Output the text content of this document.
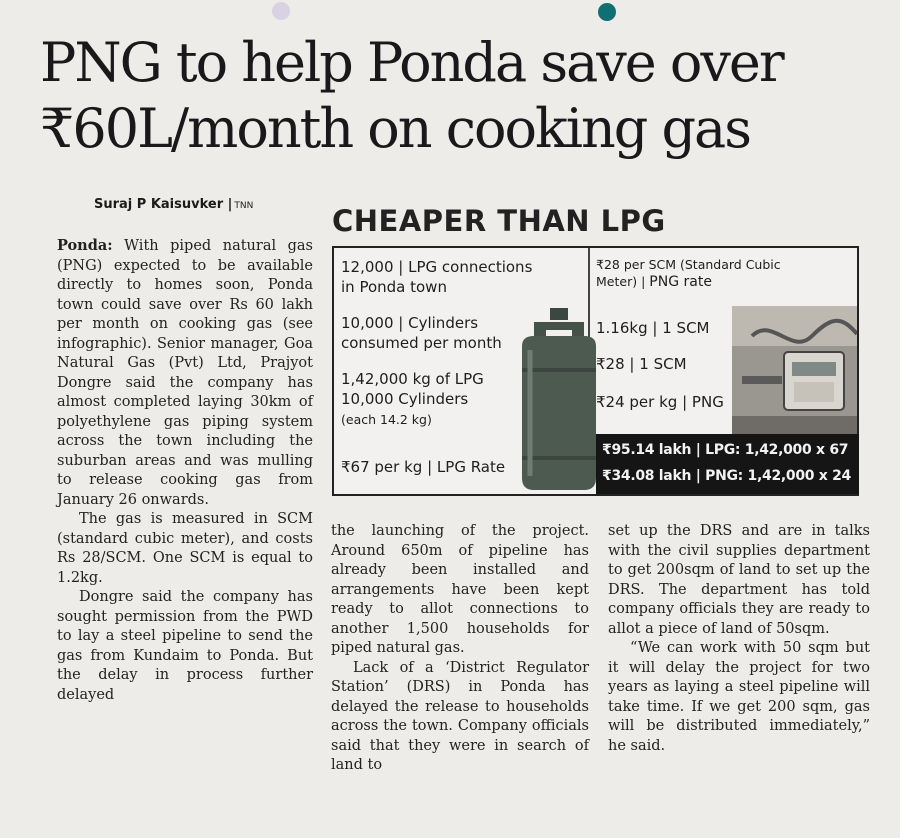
PNG to help Ponda save over
₹60L/month on cooking gas
Suraj P Kaisuvker | TNN

Ponda: With piped natural gas (PNG) expected to be available directly to homes soon, Ponda town could save over Rs 60 lakh per month on cooking gas (see infographic). Senior manager, Goa Natural Gas (Pvt) Ltd, Prajyot Dongre said the company has almost completed laying 30km of polyethylene gas piping system across the town including the suburban areas and was mulling to release cooking gas from January 26 onwards.

The gas is measured in SCM (standard cubic meter), and costs Rs 28/SCM. One SCM is equal to 1.2kg.

Dongre said the company has sought permission from the PWD to lay a steel pipeline to send the gas from Kundaim to Ponda. But the delay in process further delayed

the launching of the project. Around 650m of pipeline has already been installed and arrangements have been kept ready to allot connections to another 1,500 households for piped natural gas.

Lack of a ‘District Regulator Station’ (DRS) in Ponda has delayed the release to households across the town. Company officials said that they were in search of land to

set up the DRS and are in talks with the civil supplies department to get 200sqm of land to set up the DRS. The department has told company officials they are ready to allot a piece of land of 50sqm.

“We can work with 50 sqm but it will delay the project for two years as laying a steel pipeline will take time. If we get 200 sqm, gas will be distributed immediately,” he said.

CHEAPER THAN LPG
12,000 | LPG connections
in Ponda town
10,000 | Cylinders
consumed per month
1,42,000 kg of LPG
10,000 Cylinders
(each 14.2 kg)
₹67 per kg | LPG Rate
₹28 per SCM (Standard Cubic
Meter) | PNG rate
1.16kg | 1 SCM
₹28 | 1 SCM
₹24 per kg | PNG
₹95.14 lakh | LPG: 1,42,000 x 67
₹34.08 lakh | PNG: 1,42,000 x 24
